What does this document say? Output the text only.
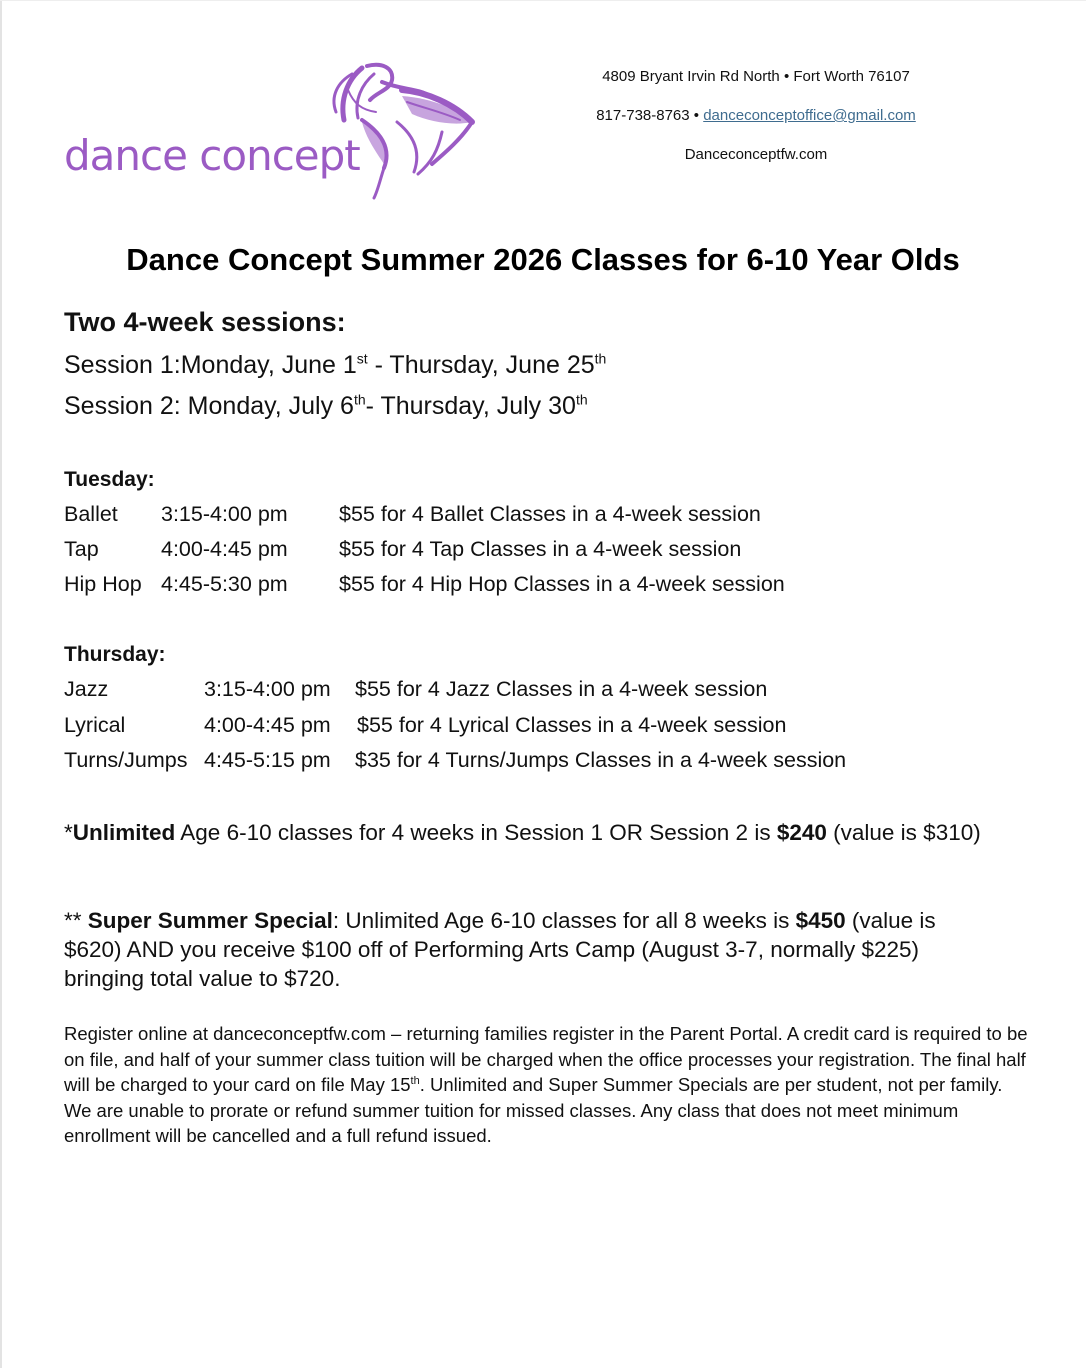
dance concept
4809 Bryant Irvin Rd North • Fort Worth 76107
817-738-8763 • danceconceptoffice@gmail.com
Danceconceptfw.com
Dance Concept Summer 2026 Classes for 6-10 Year Olds
Two 4-week sessions:
Session 1:Monday, June 1st - Thursday, June 25th
Session 2: Monday, July 6th- Thursday, July 30th
Tuesday:
Ballet 3:15-4:00 pm $55 for 4 Ballet Classes in a 4-week session
Tap	4:00-4:45 pm $55 for 4 Tap Classes in a 4-week session
Hip Hop 4:45-5:30 pm $55 for 4 Hip Hop Classes in a 4-week session
Thursday:
Jazz	3:15-4:00 pm $55 for 4 Jazz Classes in a 4-week session
Lyrical	4:00-4:45 pm $55 for 4 Lyrical Classes in a 4-week session
Turns/Jumps 4:45-5:15 pm $35 for 4 Turns/Jumps Classes in a 4-week session
*Unlimited Age 6-10 classes for 4 weeks in Session 1 OR Session 2 is $240 (value is $310)
** Super Summer Special: Unlimited Age 6-10 classes for all 8 weeks is $450 (value is $620) AND you receive $100 off of Performing Arts Camp (August 3-7, normally $225) bringing total value to $720.
Register online at danceconceptfw.com – returning families register in the Parent Portal. A credit card is required to be on file, and half of your summer class tuition will be charged when the office processes your registration. The final half will be charged to your card on file May 15th. Unlimited and Super Summer Specials are per student, not per family. We are unable to prorate or refund summer tuition for missed classes. Any class that does not meet minimum enrollment will be cancelled and a full refund issued.
